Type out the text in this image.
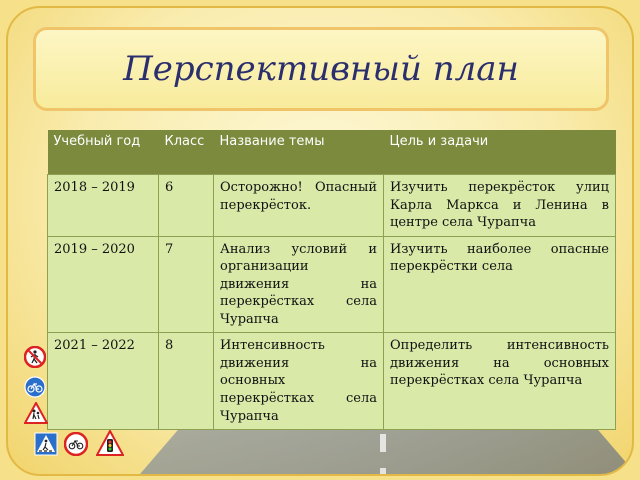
Перспективный план
Учебный год	Класс	Название темы	Цель и задачи
2018 – 2019	6	Осторожно! Опасный перекрёсток.	Изучить перекрёсток улиц Карла Маркса и Ленина в центре села Чурапча
2019 – 2020	7	Анализ условий и организации движения на перекрёстках села Чурапча	Изучить наиболее опасные перекрёстки села
2021 – 2022	8	Интенсивность движения на основных перекрёстках села Чурапча	Определить интенсивность движения на основных перекрёстках села Чурапча
